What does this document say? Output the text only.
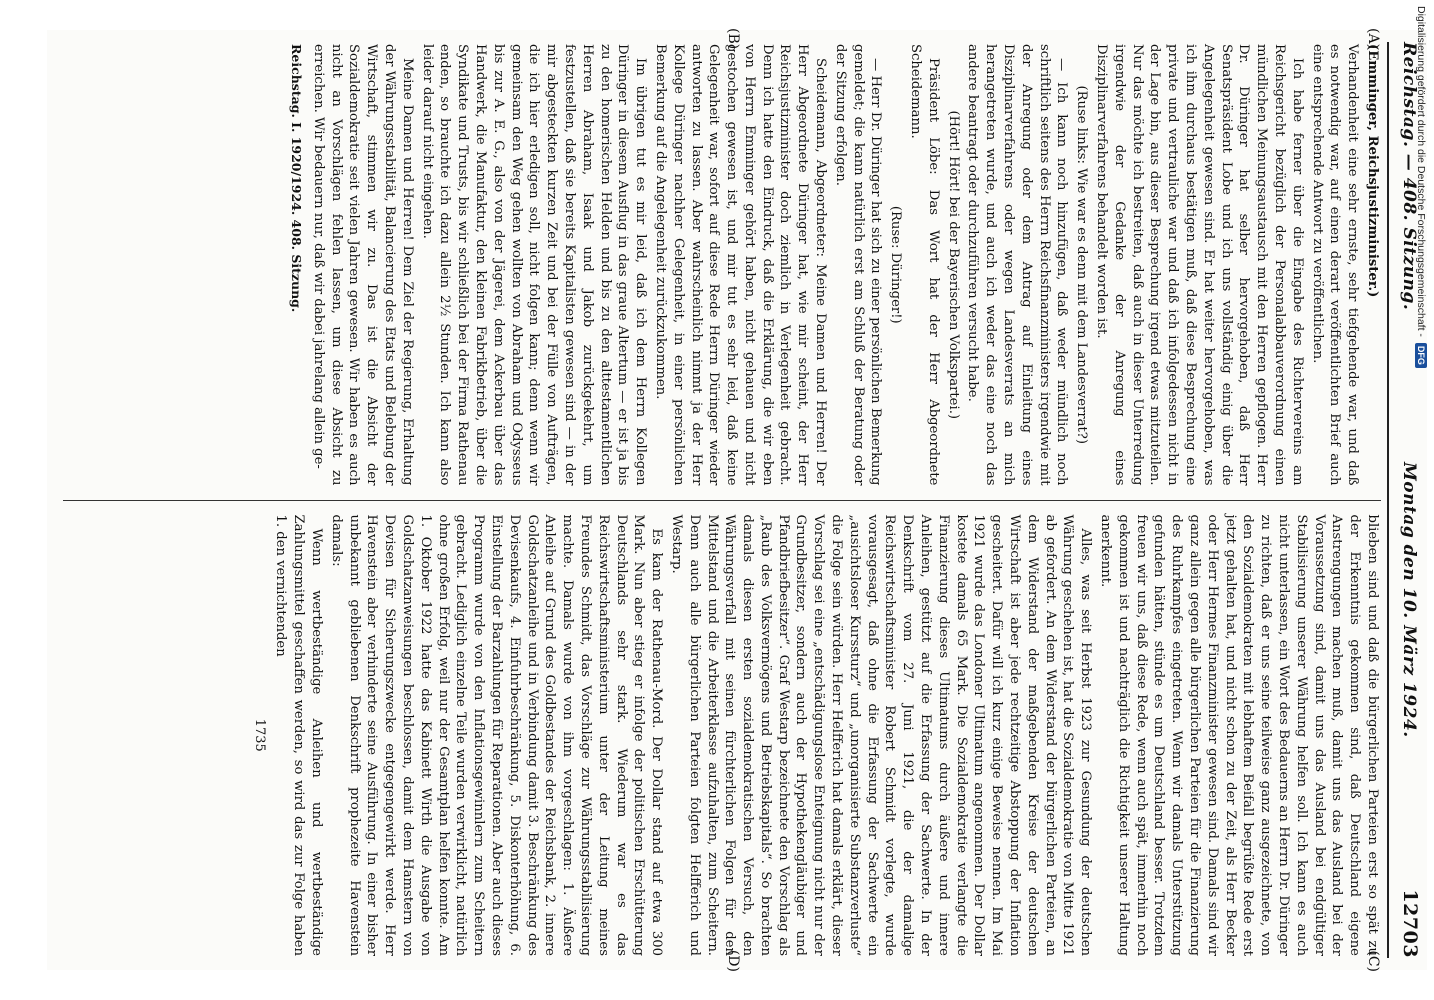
Reichstag. — 408. Sitzung.
Montag den 10. März 1924.
12703
(A)
(B)
(C)
(D)

(Emminger, Reichsjustizminister.)

Verhandenheit eine sehr ernste, sehr tiefgehende war, und daß es notwendig war, auf einen derart veröffentlichten Brief auch eine entsprechende Antwort zu veröffentlichen.

Ich habe ferner über die Eingabe des Richtervereins am Reichsgericht bezüglich der Personalabbauverordnung einen mündlichen Meinungsaustausch mit den Herren gepflogen. Herr Dr. Düringer hat selber hervorgehoben, daß Herr Senatspräsident Lobe und ich uns vollständig einig über die Angelegenheit gewesen sind. Er hat weiter hervorgehoben, was ich ihm durchaus bestätigen muß, daß diese Besprechung eine private und vertrauliche war und daß ich infolgedessen nicht in der Lage bin, aus dieser Besprechung irgend etwas mitzuteilen. Nur das möchte ich bestreiten, daß auch in dieser Unterredung irgendwie der Gedanke der Anregung eines Disziplinarverfahrens behandelt worden ist.

(Ruse links: Wie war es denn mit dem Landesverrat?)

— Ich kann noch hinzufügen, daß weder mündlich noch schriftlich seitens des Herrn Reichsfinanzministers irgendwie mit der Anregung oder dem Antrag auf Einleitung eines Disziplinarverfahrens oder wegen Landesverrats an mich herangetreten wurde, und auch ich weder das eine noch das andere beantragt oder durchzuführen versucht habe.

(Hört! Hört! bei der Bayerischen Volkspartei.)

Präsident Löbe: Das Wort hat der Herr Abgeordnete Scheidemann.

(Ruse: Düringer!)

— Herr Dr. Düringer hat sich zu einer persönlichen Bemerkung gemeldet; die kann natürlich erst am Schluß der Beratung oder der Sitzung erfolgen.

Scheidemann, Abgeordneter: Meine Damen und Herren! Der Herr Abgeordnete Düringer hat, wie mir scheint, der Herr Reichsjustizminister doch ziemlich in Verlegenheit gebracht. Denn ich hatte den Eindruck, daß die Erklärung, die wir eben von Herrn Emminger gehört haben, nicht gehauen und nicht gestochen gewesen ist, und mir tut es sehr leid, daß keine Gelegenheit war, sofort auf diese Rede Herrn Düringer wieder antworten zu lassen. Aber wahrscheinlich nimmt ja der Herr Kollege Düringer nachher Gelegenheit, in einer persönlichen Bemerkung auf die Angelegenheit zurückzukommen.

Im übrigen tut es mir leid, daß ich dem Herrn Kollegen Düringer in diesem Ausflug in das graue Altertum — er ist ja bis zu den homerischen Helden und bis zu den alttestamentlichen Herren Abraham, Isaak und Jakob zurückgekehrt, um festzustellen, daß sie bereits Kapitalisten gewesen sind — in der mir abgesteckten kurzen Zeit und bei der Fülle von Aufträgen, die ich hier erledigen soll, nicht folgen kann; denn wenn wir gemeinsam den Weg gehen wollten von Abraham und Odysseus bis zur A. E. G., also von der Jägerei, dem Ackerbau über das Handwerk, die Manufaktur, den kleinen Fabrikbetrieb, über die Syndikate und Trusts, bis wir schließlich bei der Firma Rathenau enden, so brauchte ich dazu allein 2½ Stunden. Ich kann also leider darauf nicht eingehen.

Meine Damen und Herren! Dem Ziel der Regierung, Erhaltung der Währungsstabilität, Balancierung des Etats und Belebung der Wirtschaft, stimmen wir zu. Das ist die Absicht der Sozialdemokratie seit vielen Jahren gewesen. Wir haben es auch nicht an Vorschlägen fehlen lassen, um diese Absicht zu erreichen. Wir bedauern nur, daß wir dabei jahrelang allein ge-

Reichstag. I. 1920/1924. 408. Sitzung.

blieben sind und daß die bürgerlichen Parteien erst so spät zu der Erkenntnis gekommen sind, daß Deutschland eigene Anstrengungen machen muß, damit uns das Ausland bei der Voraussetzung sind, damit uns das Ausland bei endgültiger Stabilisierung unserer Währung helfen soll. Ich kann es auch nicht unterlassen, ein Wort des Bedauerns an Herrn Dr. Düringer zu richten, daß er uns seine teilweise ganz ausgezeichnete, von den Sozialdemokraten mit lebhaftem Beifall begrüßte Rede erst jetzt gehalten hat, und nicht schon zu der Zeit, als Herr Becker oder Herr Hermes Finanzminister gewesen sind. Damals sind wir ganz allein gegen alle bürgerlichen Parteien für die Finanzierung des Ruhrkampfes eingetreten. Wenn wir damals Unterstützung gefunden hätten, stünde es um Deutschland besser. Trotzdem freuen wir uns, daß diese Rede, wenn auch spät, immerhin noch gekommen ist und nachträglich die Richtigkeit unserer Haltung anerkennt.

Alles, was seit Herbst 1923 zur Gesundung der deutschen Währung geschehen ist, hat die Sozialdemokratie von Mitte 1921 ab gefordert. An dem Widerstand der bürgerlichen Parteien, an dem Widerstand der maßgebenden Kreise der deutschen Wirtschaft ist aber jede rechtzeitige Abstoppung der Inflation gescheitert. Dafür will ich kurz einige Beweise nennen. Im Mai 1921 wurde das Londoner Ultimatum angenommen. Der Dollar kostete damals 65 Mark. Die Sozialdemokratie verlangte die Finanzierung dieses Ultimatums durch äußere und innere Anleihen, gestützt auf die Erfassung der Sachwerte. In der Denkschrift vom 27. Juni 1921, die der damalige Reichswirtschaftsminister Robert Schmidt vorlegte, wurde vorausgesagt, daß ohne die Erfassung der Sachwerte ein „ausichtsloser Kurssturz“ und „unorganisierte Substanzverluste“ die Folge sein würden. Herr Helfferich hat damals erklärt, dieser Vorschlag sei eine „entschädigungslose Enteignung nicht nur der Grundbesitzer, sondern auch der Hypothekengläubiger und Pfandbriefbesitzer“. Graf Westarp bezeichnete den Vorschlag als „Raub des Volksvermögens und Betriebskapitals“. So brachten damals diesen ersten sozialdemokratischen Versuch, den Währungsverfall mit seinen fürchterlichen Folgen für den Mittelstand und die Arbeiterklasse aufzuhalten, zum Scheitern. Denn auch alle bürgerlichen Parteien folgten Helfferich und Westarp.

Es kam der Rathenau-Mord. Der Dollar stand auf etwa 300 Mark. Nun aber stieg er infolge der politischen Erschütterung Deutschlands sehr stark. Wiederum war es das Reichswirtschaftsministerium unter der Leitung meines Freundes Schmidt, das Vorschläge zur Währungsstabilisierung machte. Damals wurde von ihm vorgeschlagen: 1. Äußere Anleihe auf Grund des Goldbestandes der Reichsbank, 2. innere Goldschatzanleihe und in Verbindung damit 3. Beschränkung des Devisenkaufs, 4. Einfuhrbeschränkung, 5. Diskonterhöhung, 6. Einstellung der Barzahlungen für Reparationen. Aber auch dieses Programm wurde von den Inflationsgewinnlern zum Scheitern gebracht. Lediglich einzelne Teile wurden verwirklicht, natürlich ohne großen Erfolg, weil nur der Gesamtplan helfen konnte. Am 1. Oktober 1922 hatte das Kabinett Wirth die Ausgabe von Goldschatzanweisungen beschlossen, damit dem Hamstern von Devisen für Sicherungszwecke entgegengewirkt werde. Herr Havenstein aber verhinderte seine Ausführung. In einer bisher unbekannt gebliebenen Denkschrift prophezeite Havenstein damals:

Wenn wertbeständige Anleihen und wertbeständige Zahlungsmittel geschaffen werden, so wird das zur Folge haben 1. den vernichtenden

1735
Digitalisierung gefördert durch die Deutsche Forschungsgemeinschaft -
DFG
